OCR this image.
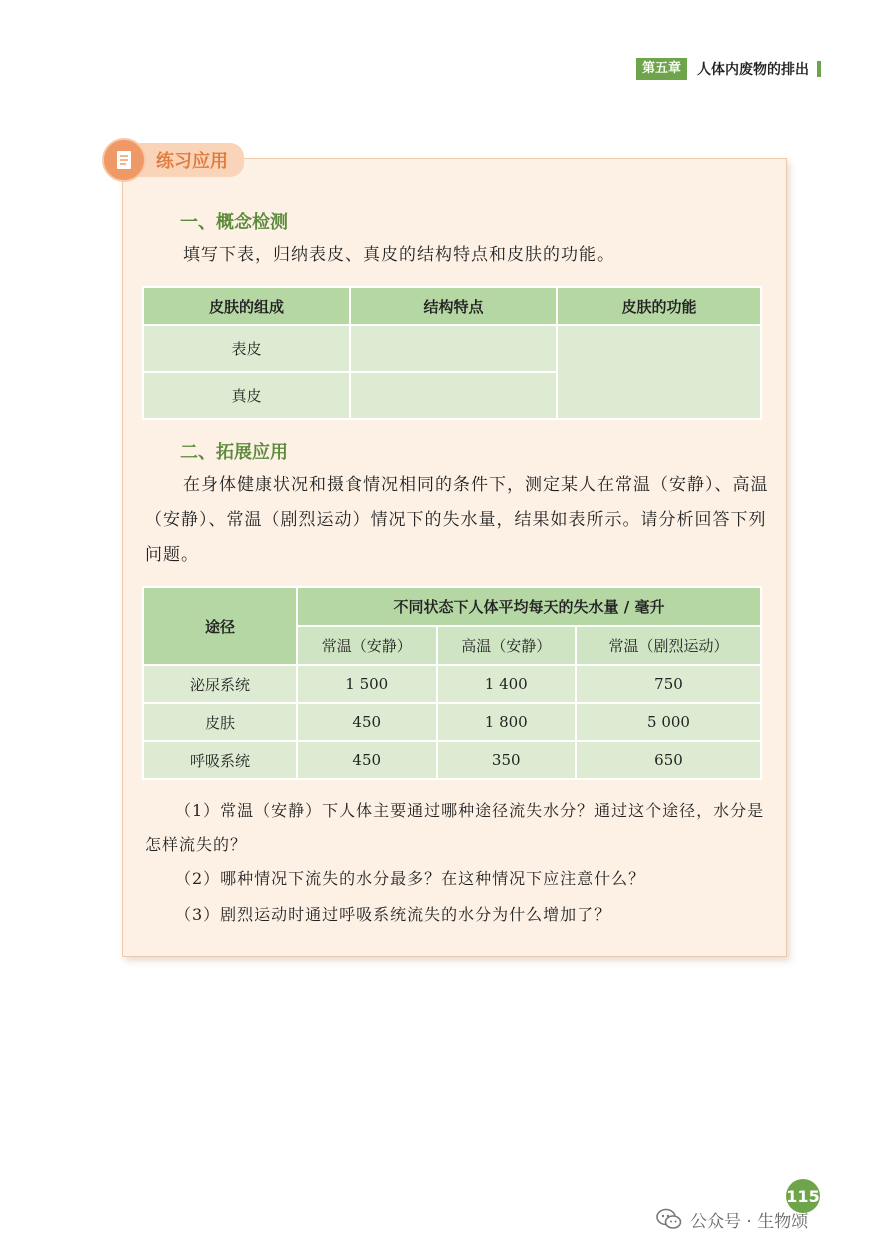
第五章	人体内废物的排出
练习应用
一、概念检测

填写下表，归纳表皮、真皮的结构特点和皮肤的功能。

皮肤的组成	结构特点	皮肤的功能
表皮		
真皮		
二、拓展应用

在身体健康状况和摄食情况相同的条件下，测定某人在常温（安静）、高温（安静）、常温（剧烈运动）情况下的失水量，结果如表所示。请分析回答下列问题。

途径	不同状态下人体平均每天的失水量 / 毫升		
	常温（安静）	高温（安静）	常温（剧烈运动）
泌尿系统	1 500	1 400	750
皮肤	450	1 800	5 000
呼吸系统	450	350	650

（1）常温（安静）下人体主要通过哪种途径流失水分？通过这个途径，水分是怎样流失的？

（2）哪种情况下流失的水分最多？在这种情况下应注意什么？

（3）剧烈运动时通过呼吸系统流失的水分为什么增加了？

115
公众号 · 生物颂
